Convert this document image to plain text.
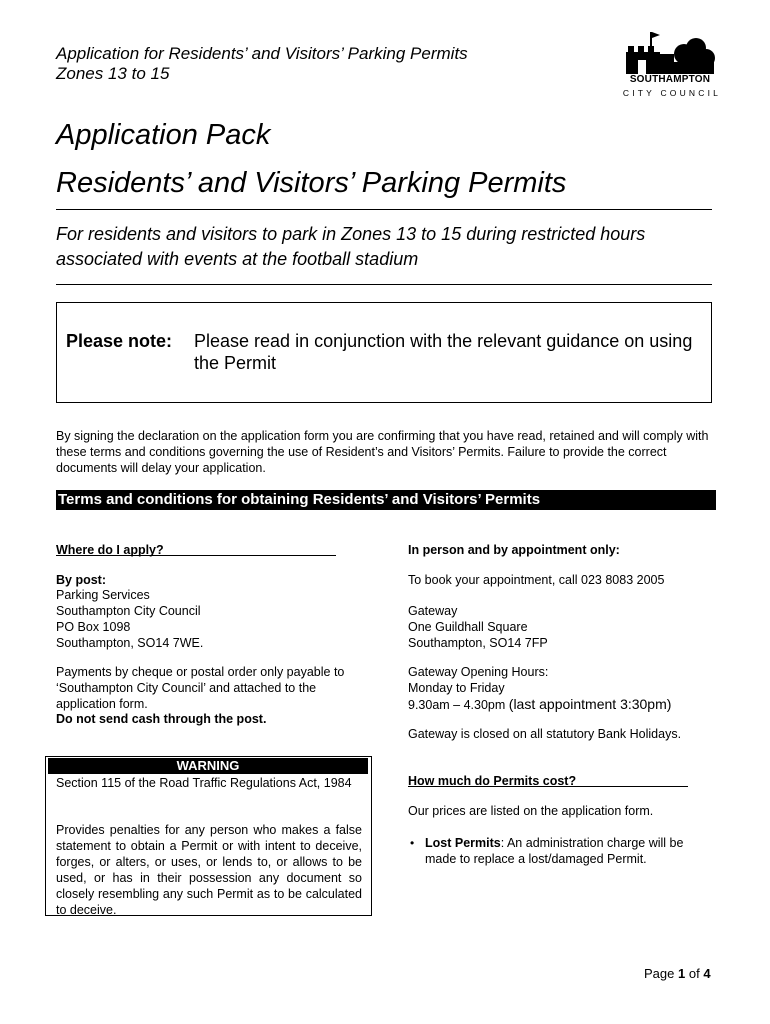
Application for Residents’ and Visitors’ Parking Permits
Zones 13 to 15	SOUTHAMPTON
CITY COUNCIL
Application Pack
Residents’ and Visitors’ Parking Permits
For residents and visitors to park in Zones 13 to 15 during restricted hours associated with events at the football stadium
Please note: Please read in conjunction with the relevant guidance on using the Permit
By signing the declaration on the application form you are confirming that you have read, retained and will comply with these terms and conditions governing the use of Resident’s and Visitors’ Permits. Failure to provide the correct documents will delay your application.
Terms and conditions for obtaining Residents’ and Visitors’ Permits
Where do I apply?
By post:
Parking Services
Southampton City Council
PO Box 1098
Southampton, SO14 7WE.
Payments by cheque or postal order only payable to ‘Southampton City Council’ and attached to the application form.
Do not send cash through the post.
WARNING
Section 115 of the Road Traffic Regulations Act, 1984
Provides penalties for any person who makes a false statement to obtain a Permit or with intent to deceive, forges, or alters, or uses, or lends to, or allows to be used, or has in their possession any document so closely resembling any such Permit as to be calculated to deceive.
In person and by appointment only:
To book your appointment, call 023 8083 2005
Gateway
One Guildhall Square
Southampton, SO14 7FP
Gateway Opening Hours:
Monday to Friday
9.30am – 4.30pm (last appointment 3:30pm)
Gateway is closed on all statutory Bank Holidays.
How much do Permits cost?
Our prices are listed on the application form.
• Lost Permits: An administration charge will be made to replace a lost/damaged Permit.
Page 1 of 4
